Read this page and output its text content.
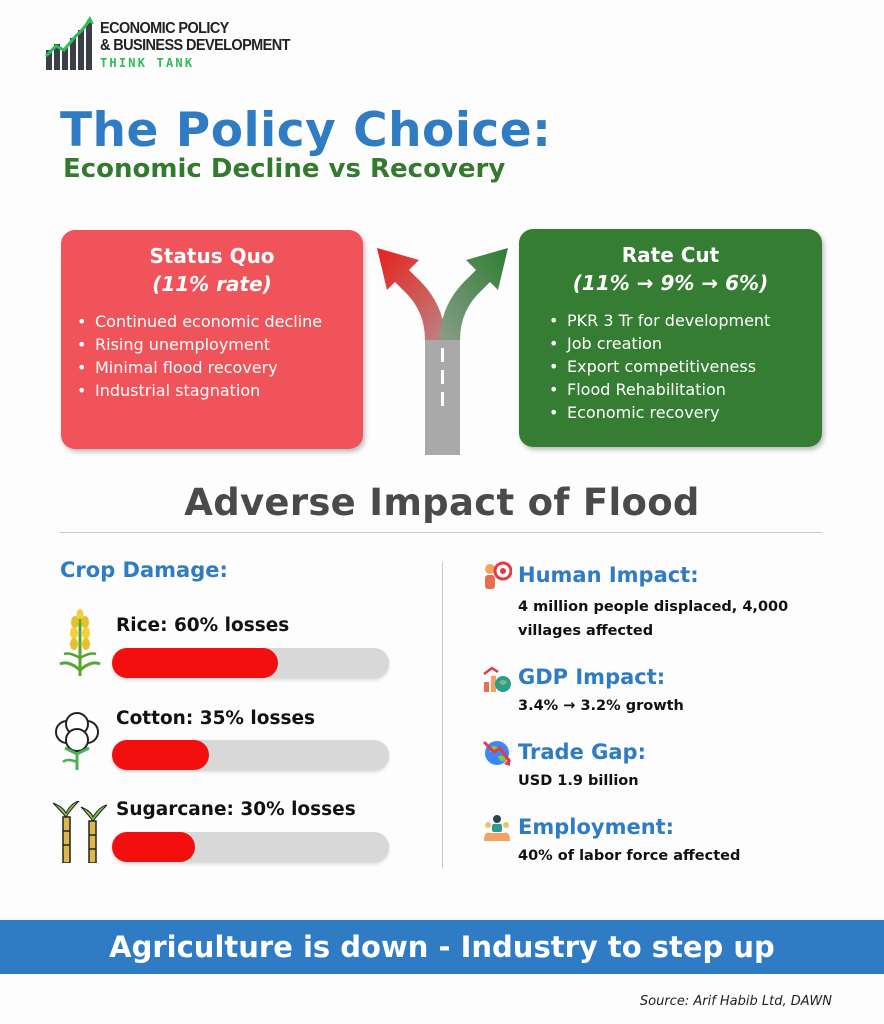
ECONOMIC POLICY
& BUSINESS DEVELOPMENT
THINK TANK
The Policy Choice:
Economic Decline vs Recovery
Status Quo
(11% rate)
• Continued economic decline
• Rising unemployment
• Minimal flood recovery
• Industrial stagnation
Rate Cut
(11% → 9% → 6%)
• PKR 3 Tr for development
• Job creation
• Export competitiveness
• Flood Rehabilitation
• Economic recovery
Adverse Impact of Flood
Crop Damage:
Rice: 60% losses
Cotton: 35% losses
Sugarcane: 30% losses
Human Impact:
4 million people displaced, 4,000 villages affected
GDP Impact:
3.4% → 3.2% growth
Trade Gap:
USD 1.9 billion
Employment:
40% of labor force affected
Agriculture is down - Industry to step up
Source: Arif Habib Ltd, DAWN
